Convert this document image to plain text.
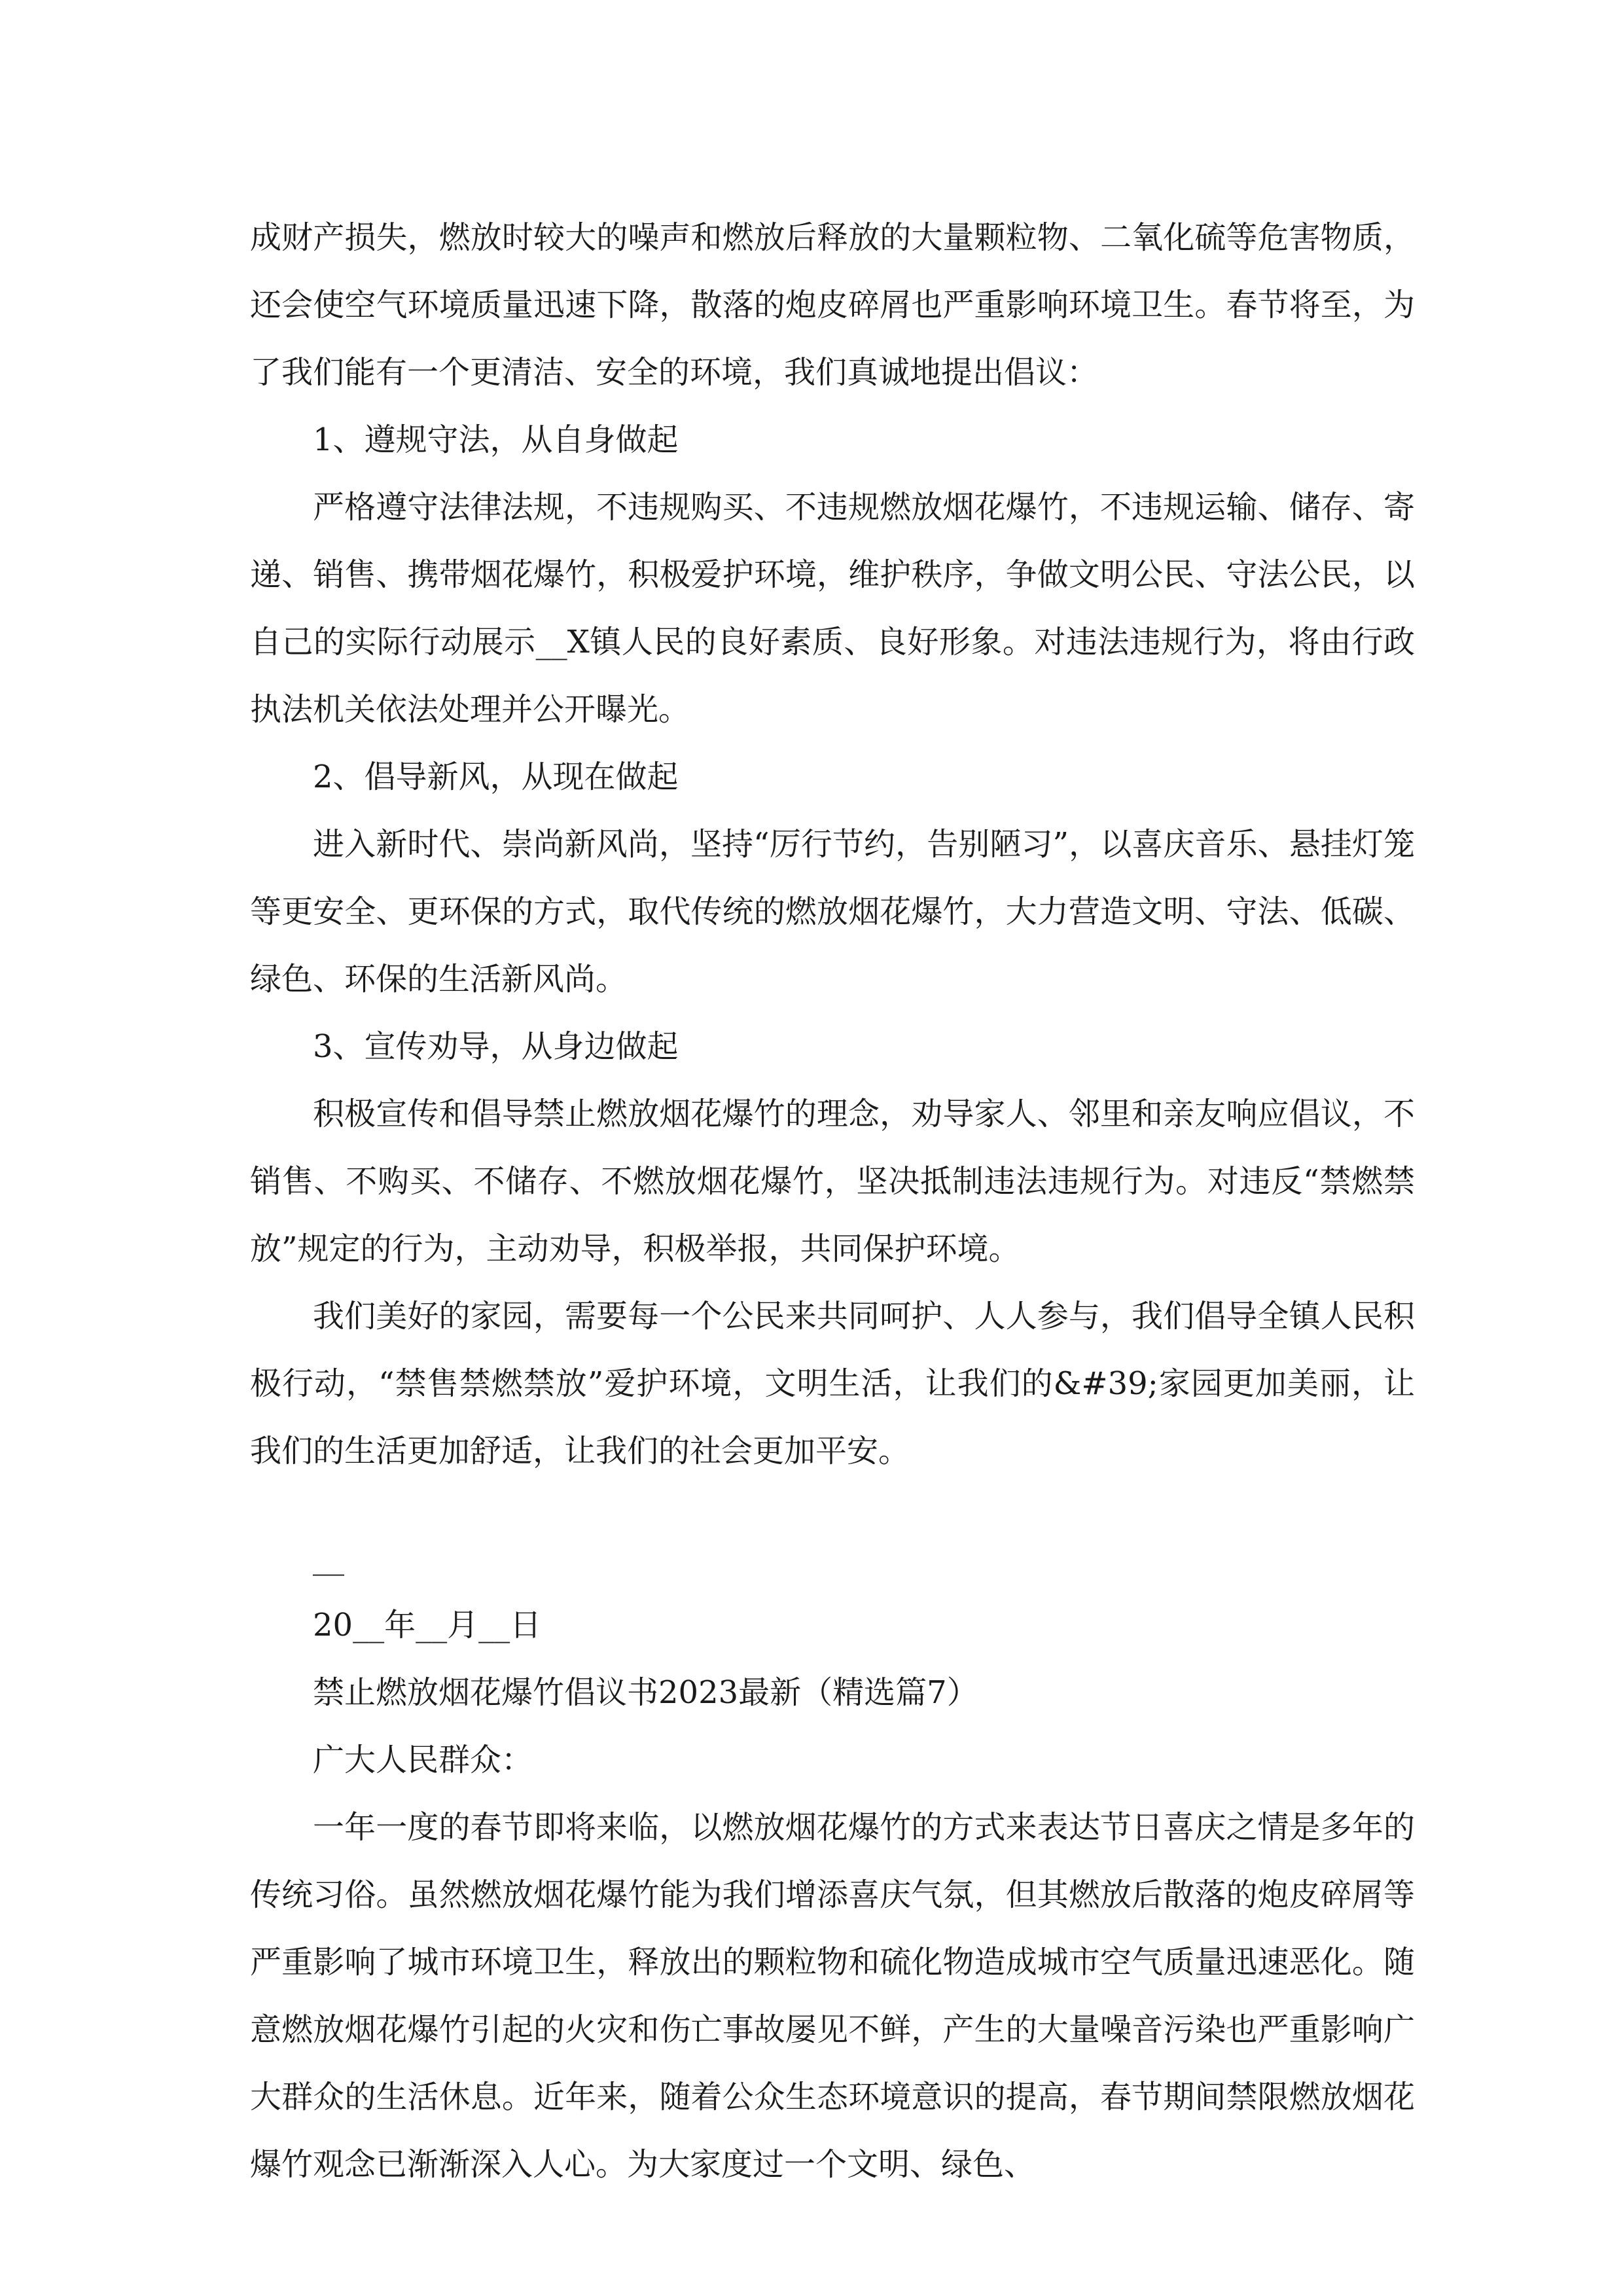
成财产损失，燃放时较大的噪声和燃放后释放的大量颗粒物、二氧化硫等危害物质，还会使空气环境质量迅速下降，散落的炮皮碎屑也严重影响环境卫生。春节将至，为了我们能有一个更清洁、安全的环境，我们真诚地提出倡议：

1、遵规守法，从自身做起

严格遵守法律法规，不违规购买、不违规燃放烟花爆竹，不违规运输、储存、寄递、销售、携带烟花爆竹，积极爱护环境，维护秩序，争做文明公民、守法公民，以自己的实际行动展示__X镇人民的良好素质、良好形象。对违法违规行为，将由行政执法机关依法处理并公开曝光。

2、倡导新风，从现在做起

进入新时代、崇尚新风尚，坚持“厉行节约，告别陋习”，以喜庆音乐、悬挂灯笼等更安全、更环保的方式，取代传统的燃放烟花爆竹，大力营造文明、守法、低碳、绿色、环保的生活新风尚。

3、宣传劝导，从身边做起

积极宣传和倡导禁止燃放烟花爆竹的理念，劝导家人、邻里和亲友响应倡议，不销售、不购买、不储存、不燃放烟花爆竹，坚决抵制违法违规行为。对违反“禁燃禁放”规定的行为，主动劝导，积极举报，共同保护环境。

我们美好的家园，需要每一个公民来共同呵护、人人参与，我们倡导全镇人民积极行动，“禁售禁燃禁放”爱护环境，文明生活，让我们的&#39;家园更加美丽，让我们的生活更加舒适，让我们的社会更加平安。

__

20__年__月__日

禁止燃放烟花爆竹倡议书2023最新（精选篇7）

广大人民群众：

一年一度的春节即将来临，以燃放烟花爆竹的方式来表达节日喜庆之情是多年的传统习俗。虽然燃放烟花爆竹能为我们增添喜庆气氛，但其燃放后散落的炮皮碎屑等严重影响了城市环境卫生，释放出的颗粒物和硫化物造成城市空气质量迅速恶化。随意燃放烟花爆竹引起的火灾和伤亡事故屡见不鲜，产生的大量噪音污染也严重影响广大群众的生活休息。近年来，随着公众生态环境意识的提高，春节期间禁限燃放烟花爆竹观念已渐渐深入人心。为大家度过一个文明、绿色、
